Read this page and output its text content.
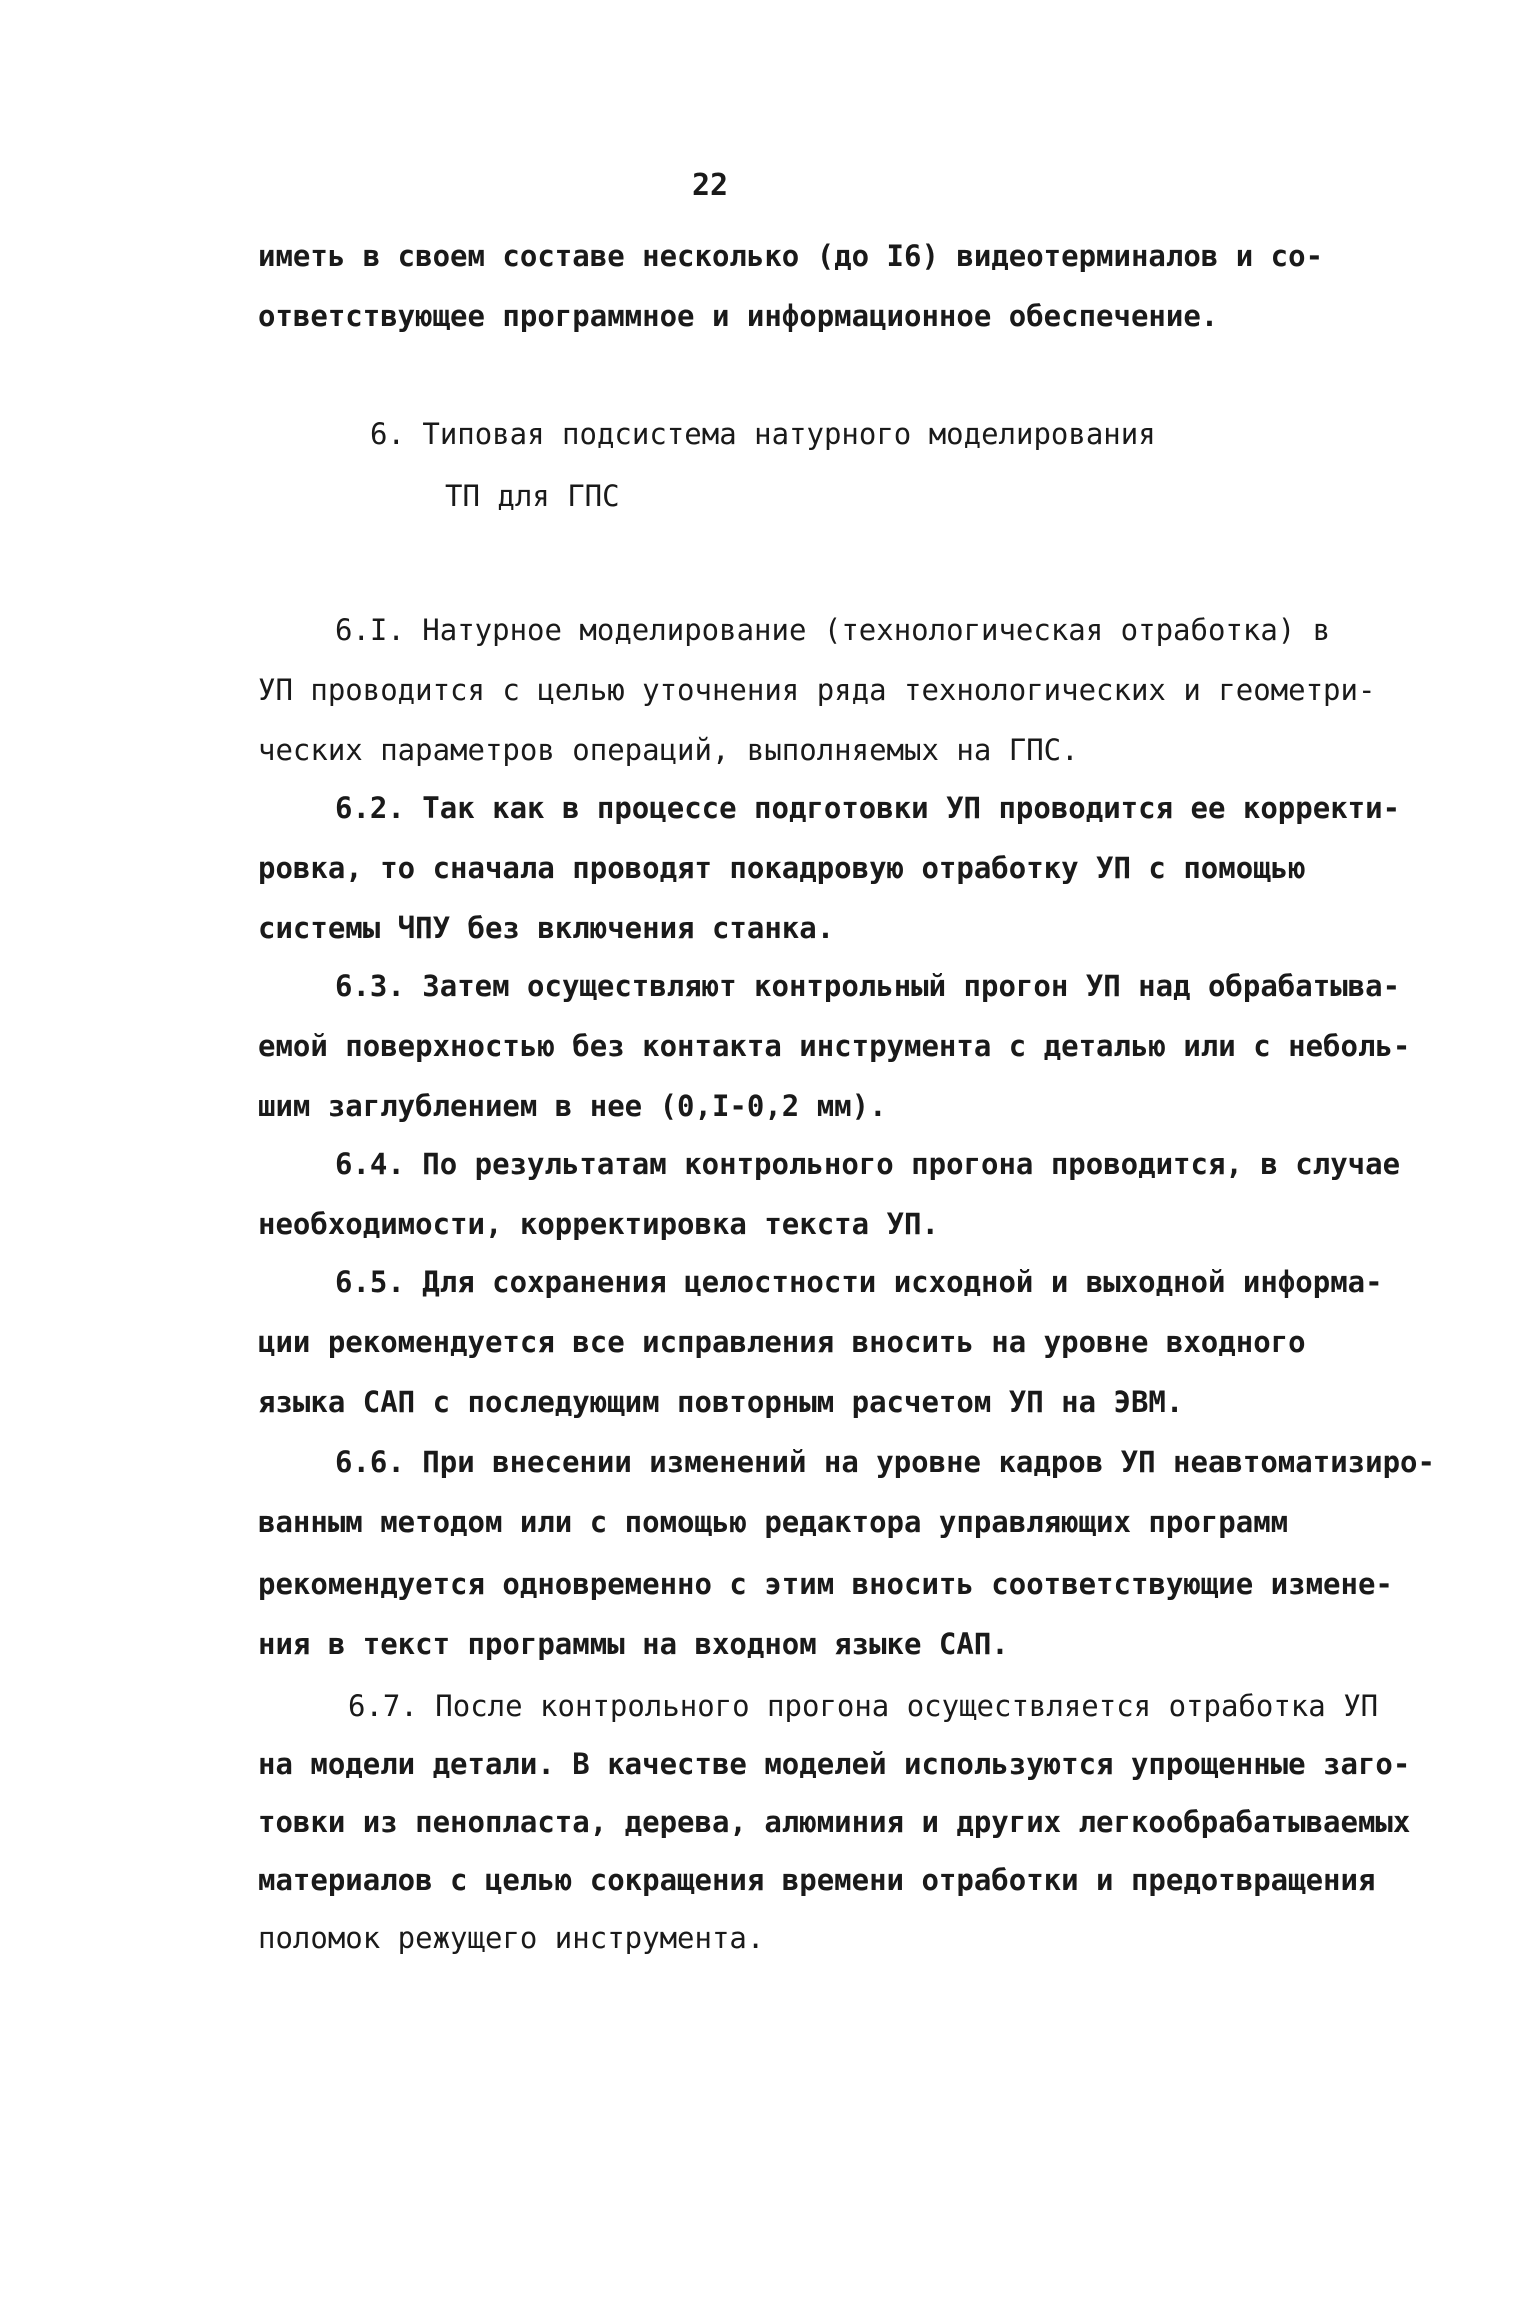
22
иметь в своем составе несколько (до I6) видеотерминалов и со-
ответствующее программное и информационное обеспечение.
6. Типовая подсистема натурного моделирования
ТП для ГПС
6.I. Натурное моделирование (технологическая отработка) в
УП проводится с целью уточнения ряда технологических и геометри-
ческих параметров операций, выполняемых на ГПС.
6.2. Так как в процессе подготовки УП проводится ее корректи-
ровка, то сначала проводят покадровую отработку УП с помощью
системы ЧПУ без включения станка.
6.3. Затем осуществляют контрольный прогон УП над обрабатыва-
емой поверхностью без контакта инструмента с деталью или с неболь-
шим заглублением в нее (0,I-0,2 мм).
6.4. По результатам контрольного прогона проводится, в случае
необходимости, корректировка текста УП.
6.5. Для сохранения целостности исходной и выходной информа-
ции рекомендуется все исправления вносить на уровне входного
языка САП с последующим повторным расчетом УП на ЭВМ.
6.6. При внесении изменений на уровне кадров УП неавтоматизиро-
ванным методом или с помощью редактора управляющих программ
рекомендуется одновременно с этим вносить соответствующие измене-
ния в текст программы на входном языке САП.
6.7. После контрольного прогона осуществляется отработка УП
на модели детали. В качестве моделей используются упрощенные заго-
товки из пенопласта, дерева, алюминия и других легкообрабатываемых
материалов с целью сокращения времени отработки и предотвращения
поломок режущего инструмента.
